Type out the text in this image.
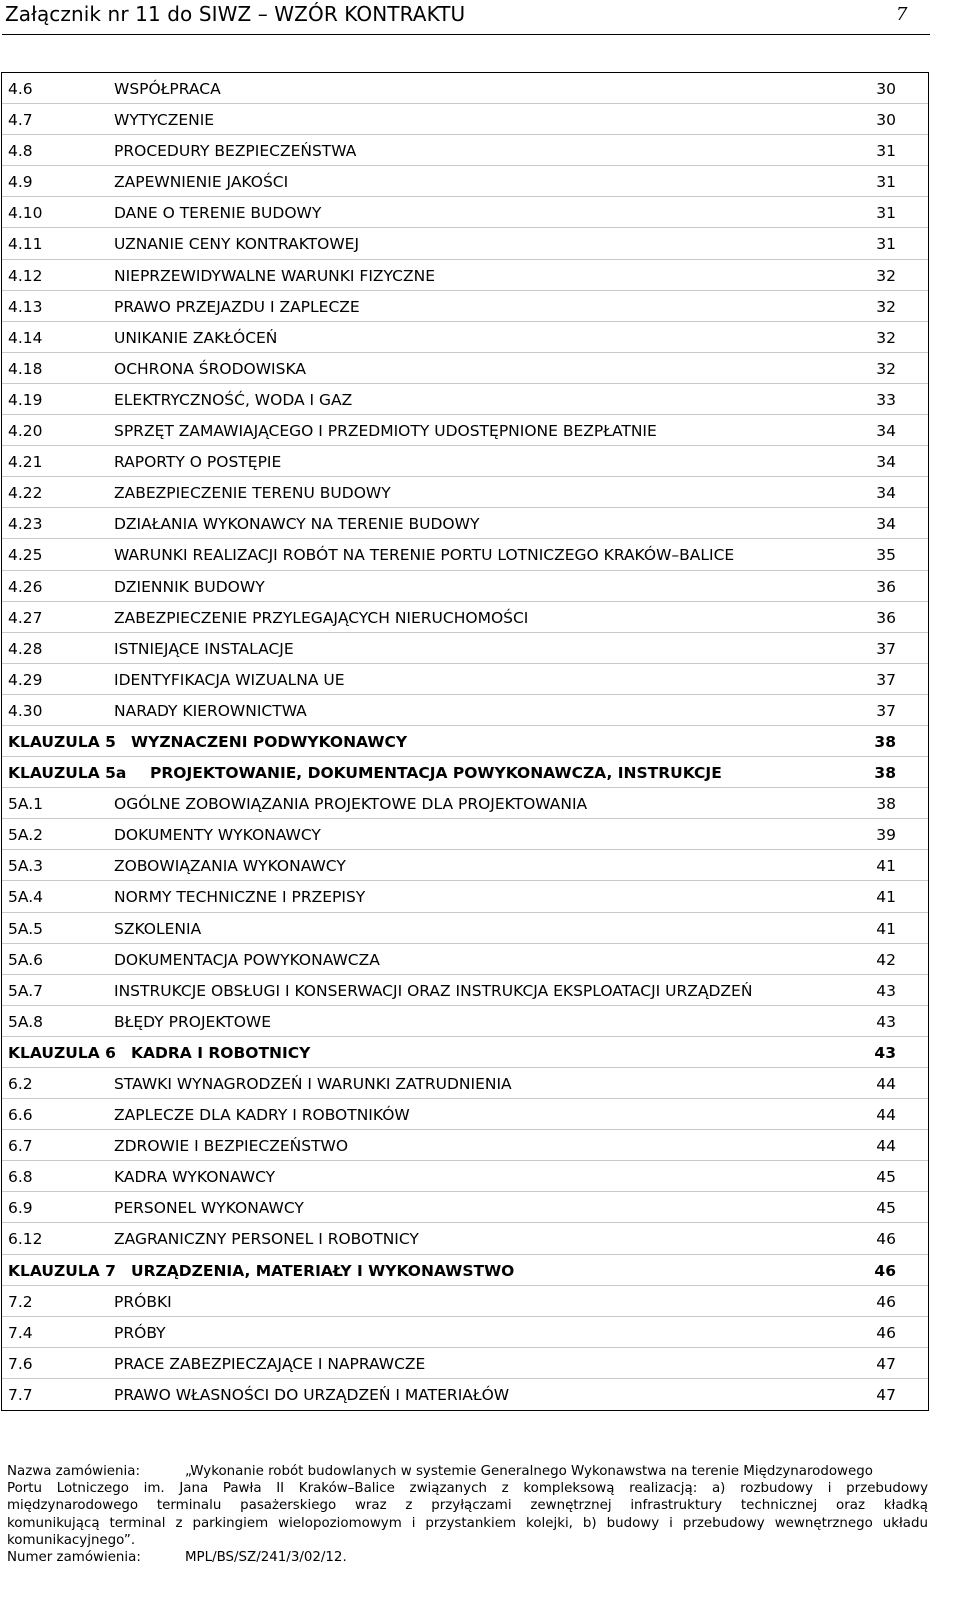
Załącznik nr 11 do SIWZ – WZÓR KONTRAKTU	7
4.6	WSPÓŁPRACA	30
4.7	WYTYCZENIE	30
4.8	PROCEDURY BEZPIECZEŃSTWA	31
4.9	ZAPEWNIENIE JAKOŚCI	31
4.10	DANE O TERENIE BUDOWY	31
4.11	UZNANIE CENY KONTRAKTOWEJ	31
4.12	NIEPRZEWIDYWALNE WARUNKI FIZYCZNE	32
4.13	PRAWO PRZEJAZDU I ZAPLECZE	32
4.14	UNIKANIE ZAKŁÓCEŃ	32
4.18	OCHRONA ŚRODOWISKA	32
4.19	ELEKTRYCZNOŚĆ, WODA I GAZ	33
4.20	SPRZĘT ZAMAWIAJĄCEGO I PRZEDMIOTY UDOSTĘPNIONE BEZPŁATNIE	34
4.21	RAPORTY O POSTĘPIE	34
4.22	ZABEZPIECZENIE TERENU BUDOWY	34
4.23	DZIAŁANIA WYKONAWCY NA TERENIE BUDOWY	34
4.25	WARUNKI REALIZACJI ROBÓT NA TERENIE PORTU LOTNICZEGO KRAKÓW–BALICE	35
4.26	DZIENNIK BUDOWY	36
4.27	ZABEZPIECZENIE PRZYLEGAJĄCYCH NIERUCHOMOŚCI	36
4.28	ISTNIEJĄCE INSTALACJE	37
4.29	IDENTYFIKACJA WIZUALNA UE	37
4.30	NARADY KIEROWNICTWA	37
KLAUZULA 5 WYZNACZENI PODWYKONAWCY	38
KLAUZULA 5a PROJEKTOWANIE, DOKUMENTACJA POWYKONAWCZA, INSTRUKCJE	38
5A.1	OGÓLNE ZOBOWIĄZANIA PROJEKTOWE DLA PROJEKTOWANIA	38
5A.2	DOKUMENTY WYKONAWCY	39
5A.3	ZOBOWIĄZANIA WYKONAWCY	41
5A.4	NORMY TECHNICZNE I PRZEPISY	41
5A.5	SZKOLENIA	41
5A.6	DOKUMENTACJA POWYKONAWCZA	42
5A.7	INSTRUKCJE OBSŁUGI I KONSERWACJI ORAZ INSTRUKCJA EKSPLOATACJI URZĄDZEŃ	43
5A.8	BŁĘDY PROJEKTOWE	43
KLAUZULA 6 KADRA I ROBOTNICY	43
6.2	STAWKI WYNAGRODZEŃ I WARUNKI ZATRUDNIENIA	44
6.6	ZAPLECZE DLA KADRY I ROBOTNIKÓW	44
6.7	ZDROWIE I BEZPIECZEŃSTWO	44
6.8	KADRA WYKONAWCY	45
6.9	PERSONEL WYKONAWCY	45
6.12	ZAGRANICZNY PERSONEL I ROBOTNICY	46
KLAUZULA 7 URZĄDZENIA, MATERIAŁY I WYKONAWSTWO	46
7.2	PRÓBKI	46
7.4	PRÓBY	46
7.6	PRACE ZABEZPIECZAJĄCE I NAPRAWCZE	47
7.7	PRAWO WŁASNOŚCI DO URZĄDZEŃ I MATERIAŁÓW	47
Nazwa zamówienia:	„Wykonanie robót budowlanych w systemie Generalnego Wykonawstwa na terenie Międzynarodowego
Portu Lotniczego im. Jana Pawła II Kraków–Balice związanych z kompleksową realizacją: a) rozbudowy i przebudowy
międzynarodowego terminalu pasażerskiego wraz z przyłączami zewnętrznej infrastruktury technicznej oraz kładką
komunikującą terminal z parkingiem wielopoziomowym i przystankiem kolejki, b) budowy i przebudowy wewnętrznego układu
komunikacyjnego”.
Numer zamówienia:	MPL/BS/SZ/241/3/02/12.
